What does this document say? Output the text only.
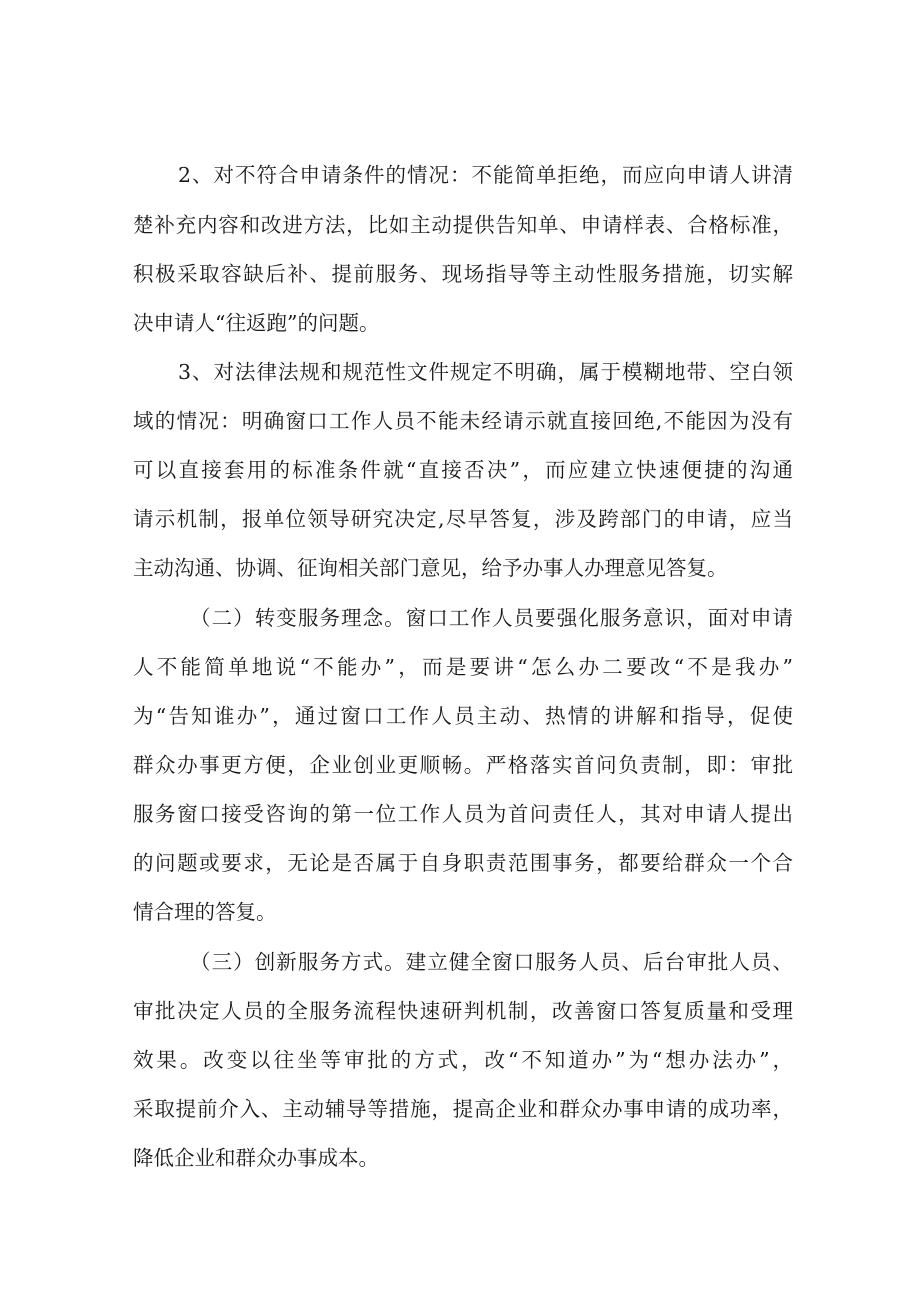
2、对不符合申请条件的情况：不能简单拒绝，而应向申请人讲清

楚补充内容和改进方法，比如主动提供告知单、申请样表、合格标准，

积极采取容缺后补、提前服务、现场指导等主动性服务措施，切实解

决申请人“往返跑”的问题。

3、对法律法规和规范性文件规定不明确，属于模糊地带、空白领

域的情况：明确窗口工作人员不能未经请示就直接回绝,不能因为没有

可以直接套用的标准条件就“直接否决”，而应建立快速便捷的沟通

请示机制，报单位领导研究决定,尽早答复，涉及跨部门的申请，应当

主动沟通、协调、征询相关部门意见，给予办事人办理意见答复。

（二）转变服务理念。窗口工作人员要强化服务意识，面对申请

人不能简单地说“不能办”，而是要讲“怎么办二要改“不是我办”

为“告知谁办”，通过窗口工作人员主动、热情的讲解和指导，促使

群众办事更方便，企业创业更顺畅。严格落实首问负责制，即：审批

服务窗口接受咨询的第一位工作人员为首问责任人，其对申请人提出

的问题或要求，无论是否属于自身职责范围事务，都要给群众一个合

情合理的答复。

（三）创新服务方式。建立健全窗口服务人员、后台审批人员、

审批决定人员的全服务流程快速研判机制，改善窗口答复质量和受理

效果。改变以往坐等审批的方式，改“不知道办”为“想办法办”，

采取提前介入、主动辅导等措施，提高企业和群众办事申请的成功率，

降低企业和群众办事成本。
